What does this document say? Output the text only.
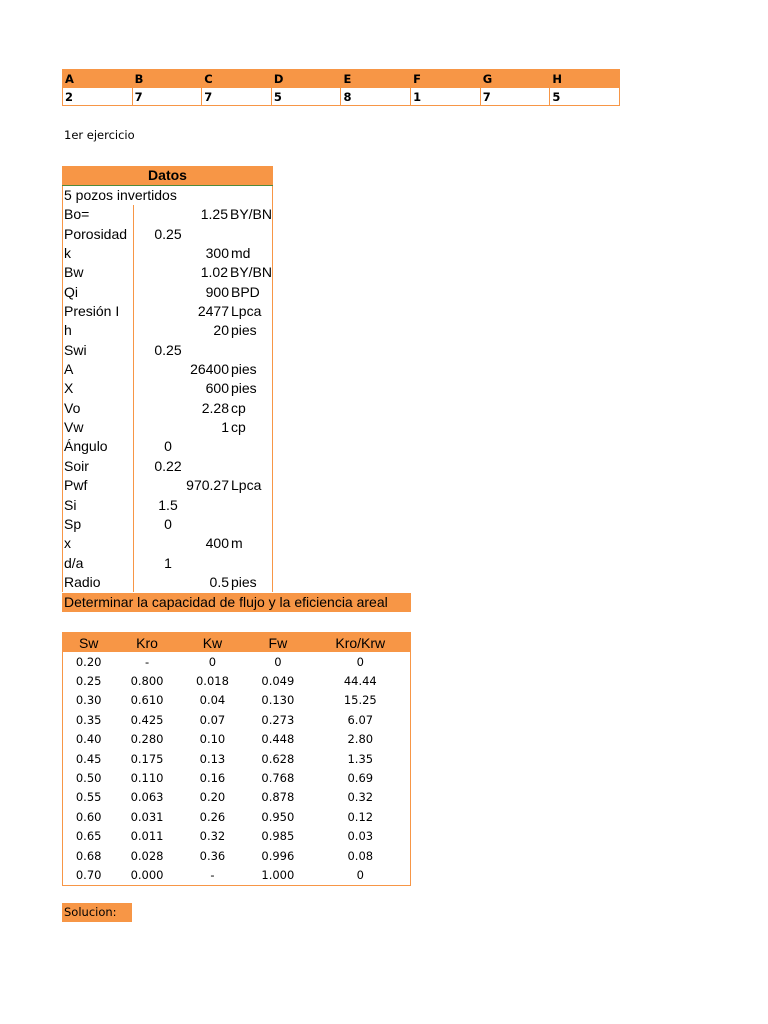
A	B	C	D	E	F	G	H
2	7	7	5	8	1	7	5
1er ejercicio
Datos
5 pozos invertidos
Bo=	1.25 BY/BN
Porosidad	0.25
k	300 md
Bw	1.02 BY/BN
Qi	900 BPD
Presión I	2477 Lpca
h	20 pies
Swi	0.25
A	26400 pies
X	600 pies
Vo	2.28 cp
Vw	1 cp
Ángulo	0
Soir	0.22
Pwf	970.27 Lpca
Si	1.5
Sp	0
x	400 m
d/a	1
Radio	0.5 pies
Determinar la capacidad de flujo y la eficiencia areal
Sw	Kro	Kw	Fw	Kro/Krw
0.20	-	0	0	0
0.25	0.800	0.018	0.049	44.44
0.30	0.610	0.04	0.130	15.25
0.35	0.425	0.07	0.273	6.07
0.40	0.280	0.10	0.448	2.80
0.45	0.175	0.13	0.628	1.35
0.50	0.110	0.16	0.768	0.69
0.55	0.063	0.20	0.878	0.32
0.60	0.031	0.26	0.950	0.12
0.65	0.011	0.32	0.985	0.03
0.68	0.028	0.36	0.996	0.08
0.70	0.000	-	1.000	0
Solucion:
